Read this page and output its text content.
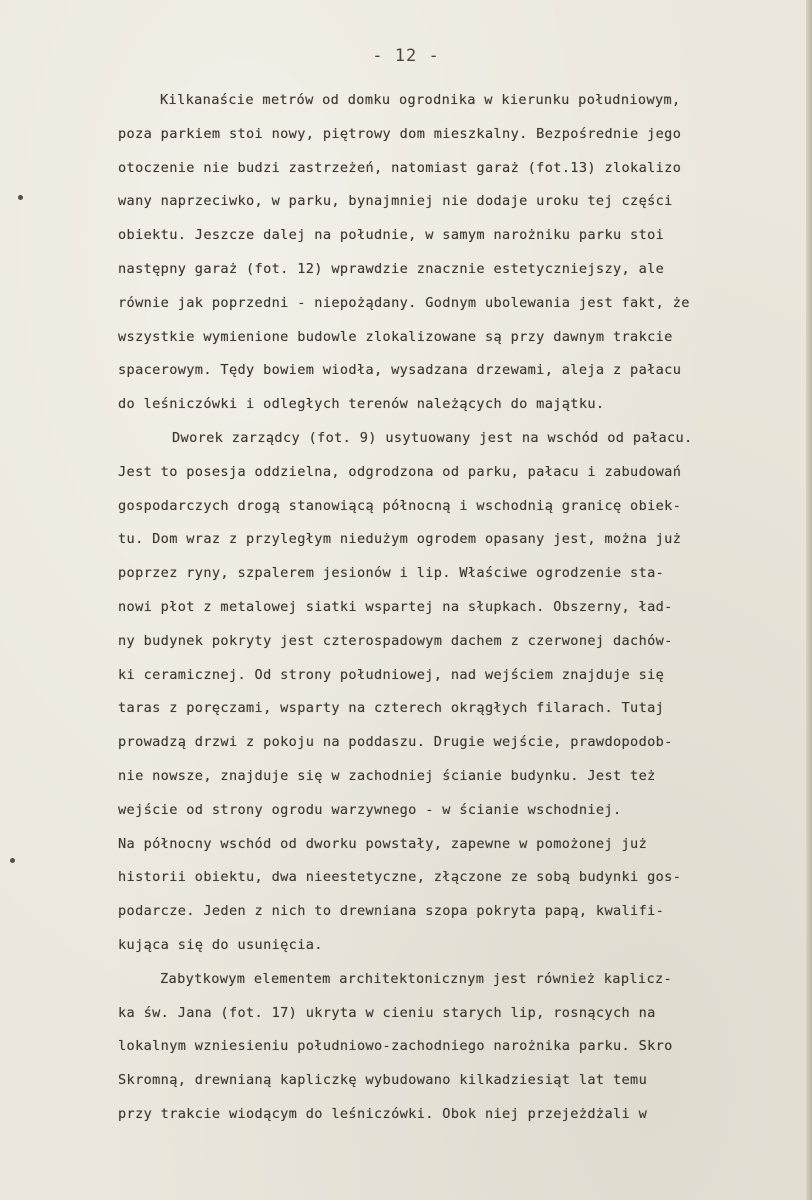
- 12 -
Kilkanaście metrów od domku ogrodnika w kierunku południowym,
poza parkiem stoi nowy, piętrowy dom mieszkalny. Bezpośrednie jego
otoczenie nie budzi zastrzeżeń, natomiast garaż (fot.13) zlokalizo
wany naprzeciwko, w parku, bynajmniej nie dodaje uroku tej części
obiektu. Jeszcze dalej na południe, w samym narożniku parku stoi
następny garaż (fot. 12) wprawdzie znacznie estetyczniejszy, ale
równie jak poprzedni - niepożądany. Godnym ubolewania jest fakt, że
wszystkie wymienione budowle zlokalizowane są przy dawnym trakcie
spacerowym. Tędy bowiem wiodła, wysadzana drzewami, aleja z pałacu
do leśniczówki i odległych terenów należących do majątku.
Dworek zarządcy (fot. 9) usytuowany jest na wschód od pałacu.
Jest to posesja oddzielna, odgrodzona od parku, pałacu i zabudowań
gospodarczych drogą stanowiącą północną i wschodnią granicę obiek-
tu. Dom wraz z przyległym niedużym ogrodem opasany jest, można już
poprzez ryny, szpalerem jesionów i lip. Właściwe ogrodzenie sta-
nowi płot z metalowej siatki wspartej na słupkach. Obszerny, ład-
ny budynek pokryty jest czterospadowym dachem z czerwonej dachów-
ki ceramicznej. Od strony południowej, nad wejściem znajduje się
taras z poręczami, wsparty na czterech okrągłych filarach. Tutaj
prowadzą drzwi z pokoju na poddaszu. Drugie wejście, prawdopodob-
nie nowsze, znajduje się w zachodniej ścianie budynku. Jest też
wejście od strony ogrodu warzywnego - w ścianie wschodniej.
Na północny wschód od dworku powstały, zapewne w pomożonej już
historii obiektu, dwa nieestetyczne, złączone ze sobą budynki gos-
podarcze. Jeden z nich to drewniana szopa pokryta papą, kwalifi-
kująca się do usunięcia.
Zabytkowym elementem architektonicznym jest również kaplicz-
ka św. Jana (fot. 17) ukryta w cieniu starych lip, rosnących na
lokalnym wzniesieniu południowo-zachodniego narożnika parku. Skro
Skromną, drewnianą kapliczkę wybudowano kilkadziesiąt lat temu
przy trakcie wiodącym do leśniczówki. Obok niej przejeżdżali w
